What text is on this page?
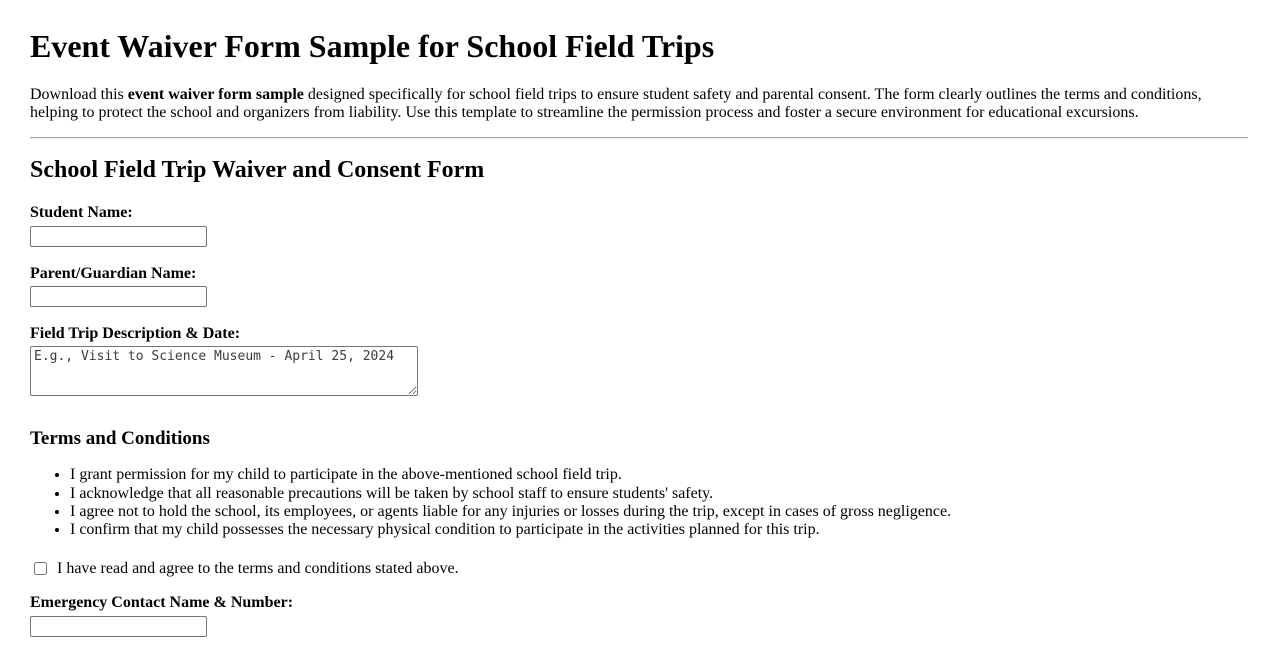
Event Waiver Form Sample for School Field Trips

Download this event waiver form sample designed specifically for school field trips to ensure student safety and parental consent. The form clearly outlines the terms and conditions, helping to protect the school and organizers from liability. Use this template to streamline the permission process and foster a secure environment for educational excursions.

School Field Trip Waiver and Consent Form
Student Name:
Parent/Guardian Name:
Field Trip Description & Date:
E.g., Visit to Science Museum - April 25, 2024
Terms and Conditions
• I grant permission for my child to participate in the above-mentioned school field trip.
• I acknowledge that all reasonable precautions will be taken by school staff to ensure students' safety.
• I agree not to hold the school, its employees, or agents liable for any injuries or losses during the trip, except in cases of gross negligence.
• I confirm that my child possesses the necessary physical condition to participate in the activities planned for this trip.
I have read and agree to the terms and conditions stated above.
Emergency Contact Name & Number:
